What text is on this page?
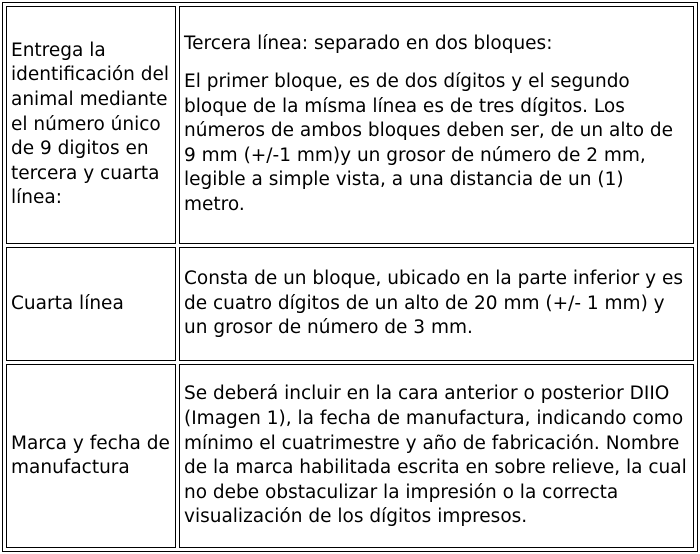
Entrega la identificación del animal mediante el número único de 9 digitos en tercera y cuarta línea:	Tercera línea: separado en dos bloques:

El primer bloque, es de dos dígitos y el segundo bloque de la mísma línea es de tres dígitos. Los números de ambos bloques deben ser, de un alto de 9 mm (+/-1 mm)y un grosor de número de 2 mm, legible a simple vista, a una distancia de un (1) metro.

Cuarta línea	Consta de un bloque, ubicado en la parte inferior y es de cuatro dígitos de un alto de 20 mm (+/- 1 mm) y un grosor de número de 3 mm.

Marca y fecha de manufactura	Se deberá incluir en la cara anterior o posterior DIIO (Imagen 1), la fecha de manufactura, indicando como mínimo el cuatrimestre y año de fabricación. Nombre de la marca habilitada escrita en sobre relieve, la cual no debe obstaculizar la impresión o la correcta visualización de los dígitos impresos.
